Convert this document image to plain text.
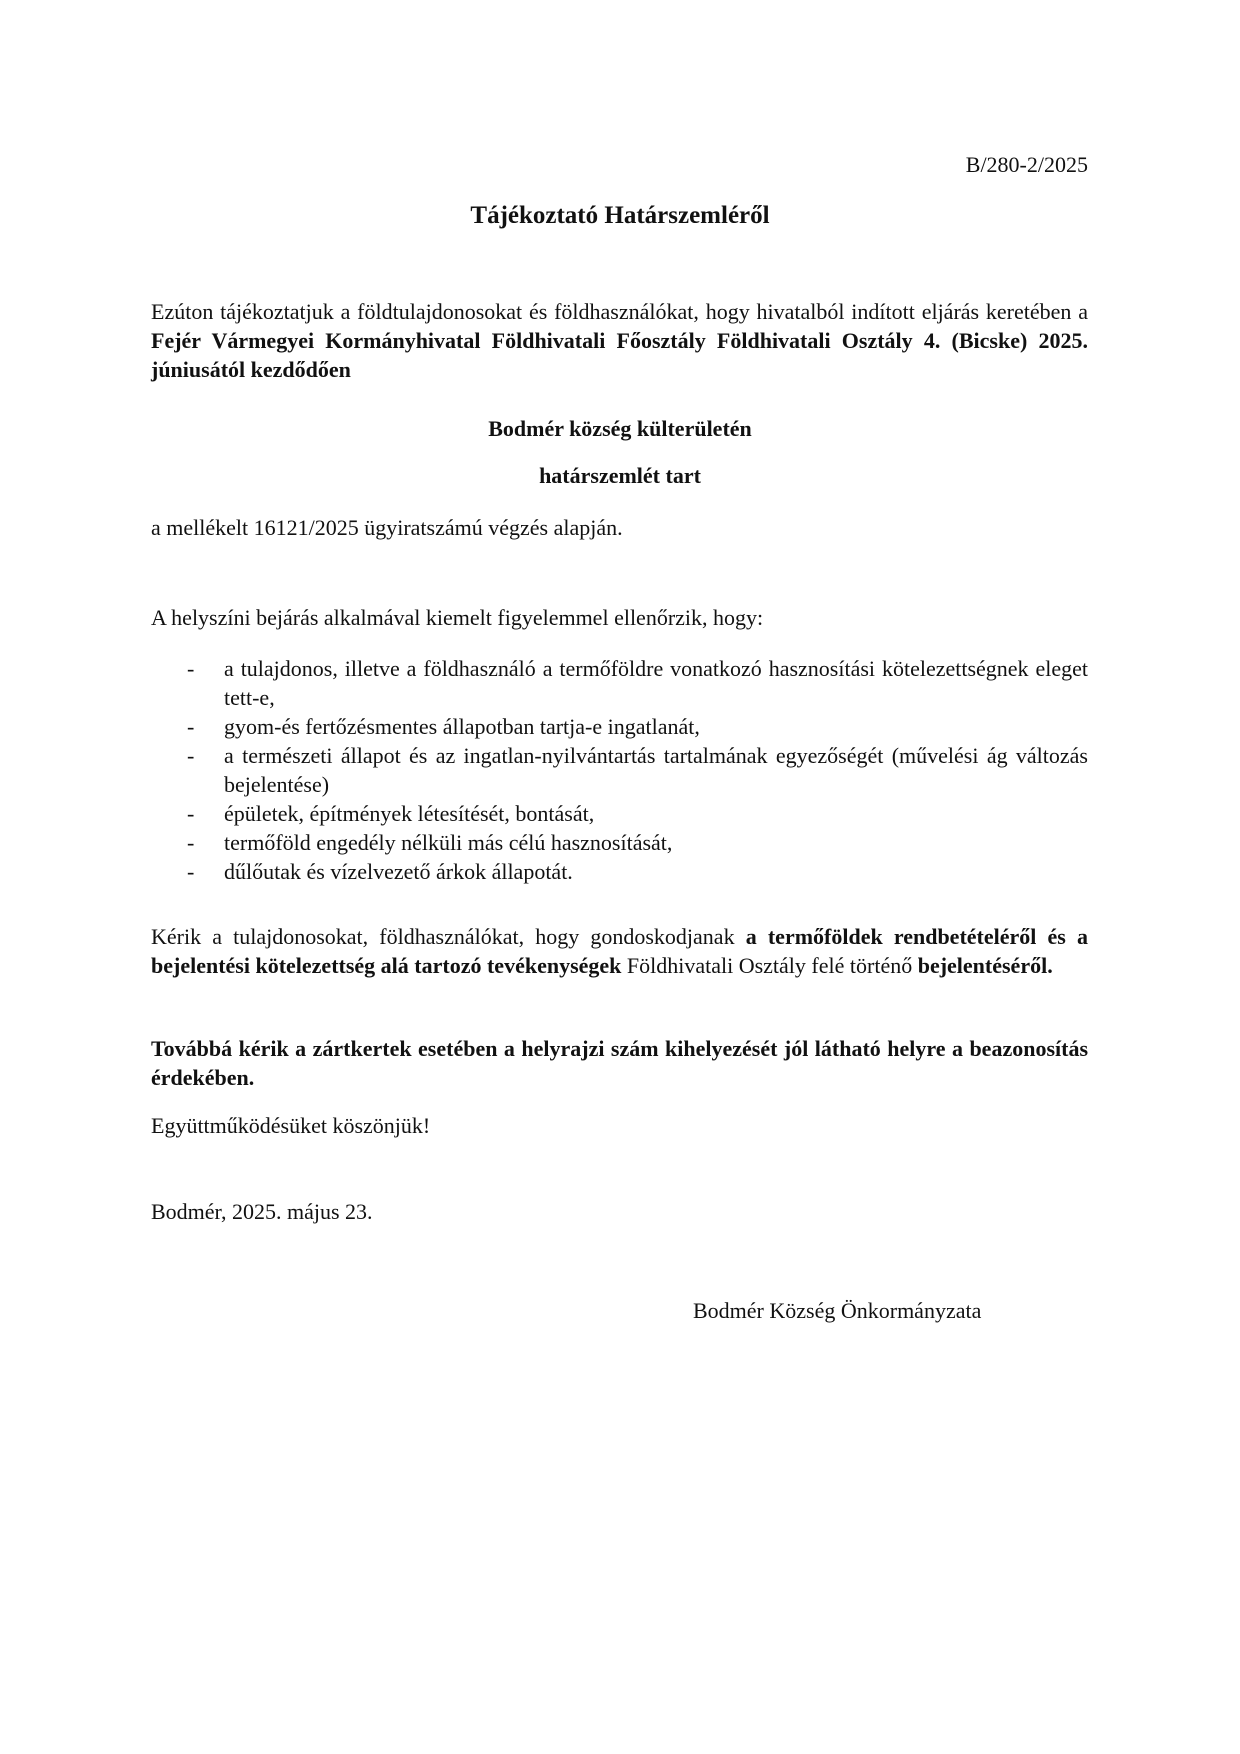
B/280-2/2025
Tájékoztató Határszemléről

Ezúton tájékoztatjuk a földtulajdonosokat és földhasználókat, hogy hivatalból indított eljárás keretében a Fejér Vármegyei Kormányhivatal Földhivatali Főosztály Földhivatali Osztály 4. (Bicske) 2025. júniusától kezdődően

Bodmér község külterületén

határszemlét tart

a mellékelt 16121/2025 ügyiratszámú végzés alapján.

A helyszíni bejárás alkalmával kiemelt figyelemmel ellenőrzik, hogy:

- a tulajdonos, illetve a földhasználó a termőföldre vonatkozó hasznosítási kötelezettségnek eleget tett-e,
- gyom-és fertőzésmentes állapotban tartja-e ingatlanát,
- a természeti állapot és az ingatlan-nyilvántartás tartalmának egyezőségét (művelési ág változás bejelentése)
- épületek, építmények létesítését, bontását,
- termőföld engedély nélküli más célú hasznosítását,
- dűlőutak és vízelvezető árkok állapotát.

Kérik a tulajdonosokat, földhasználókat, hogy gondoskodjanak a termőföldek rendbetételéről és a bejelentési kötelezettség alá tartozó tevékenységek Földhivatali Osztály felé történő bejelentéséről.

Továbbá kérik a zártkertek esetében a helyrajzi szám kihelyezését jól látható helyre a beazonosítás érdekében.

Együttműködésüket köszönjük!

Bodmér, 2025. május 23.

Bodmér Község Önkormányzata
